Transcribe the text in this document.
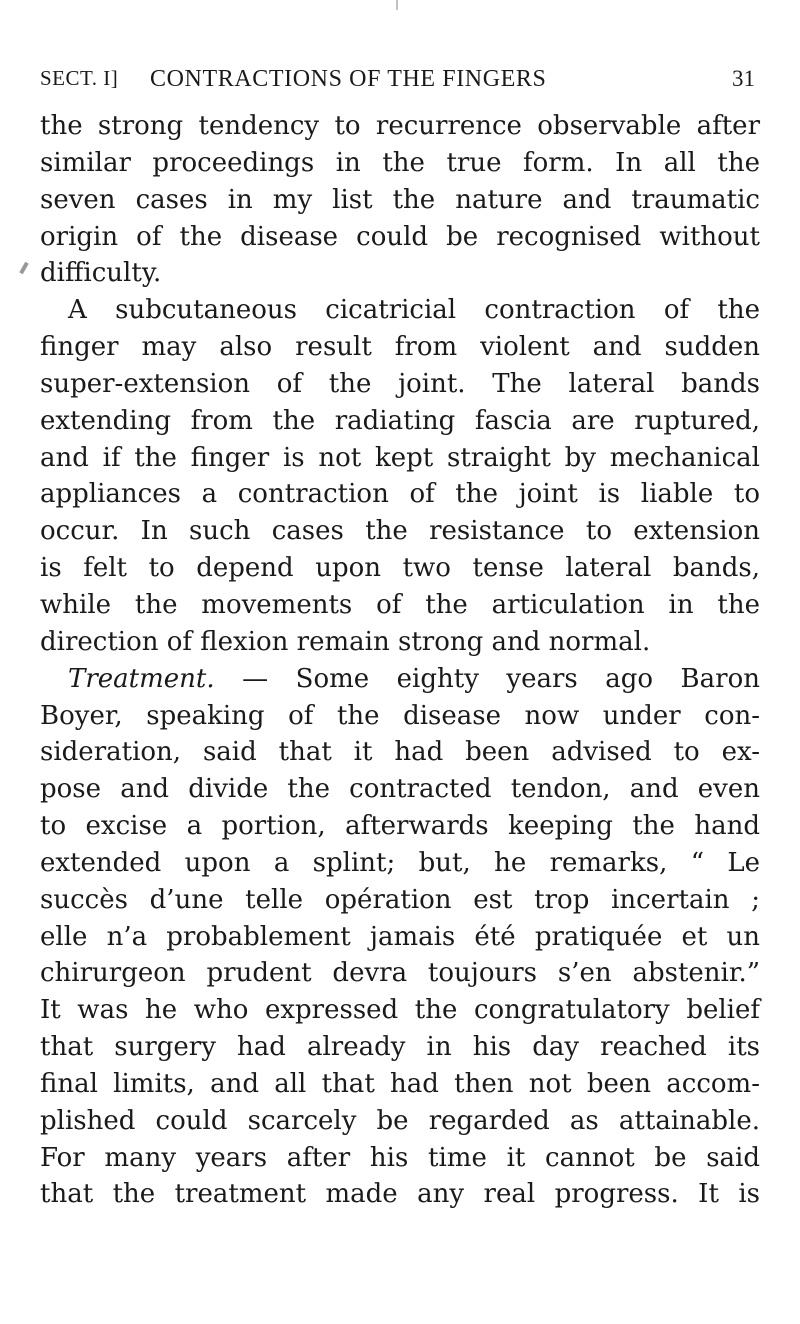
SECT. I] CONTRACTIONS OF THE FINGERS	31
the strong tendency to recurrence observable after
similar proceedings in the true form. In all the
seven cases in my list the nature and traumatic
origin of the disease could be recognised without
difficulty.
A subcutaneous cicatricial contraction of the
finger may also result from violent and sudden
super-extension of the joint. The lateral bands
extending from the radiating fascia are ruptured,
and if the finger is not kept straight by mechanical
appliances a contraction of the joint is liable to
occur. In such cases the resistance to extension
is felt to depend upon two tense lateral bands,
while the movements of the articulation in the
direction of flexion remain strong and normal.
Treatment. — Some eighty years ago Baron
Boyer, speaking of the disease now under con-
sideration, said that it had been advised to ex-
pose and divide the contracted tendon, and even
to excise a portion, afterwards keeping the hand
extended upon a splint; but, he remarks, “ Le
succès d’une telle opération est trop incertain ;
elle n’a probablement jamais été pratiquée et un
chirurgeon prudent devra toujours s’en abstenir.”
It was he who expressed the congratulatory belief
that surgery had already in his day reached its
final limits, and all that had then not been accom-
plished could scarcely be regarded as attainable.
For many years after his time it cannot be said
that the treatment made any real progress. It is
